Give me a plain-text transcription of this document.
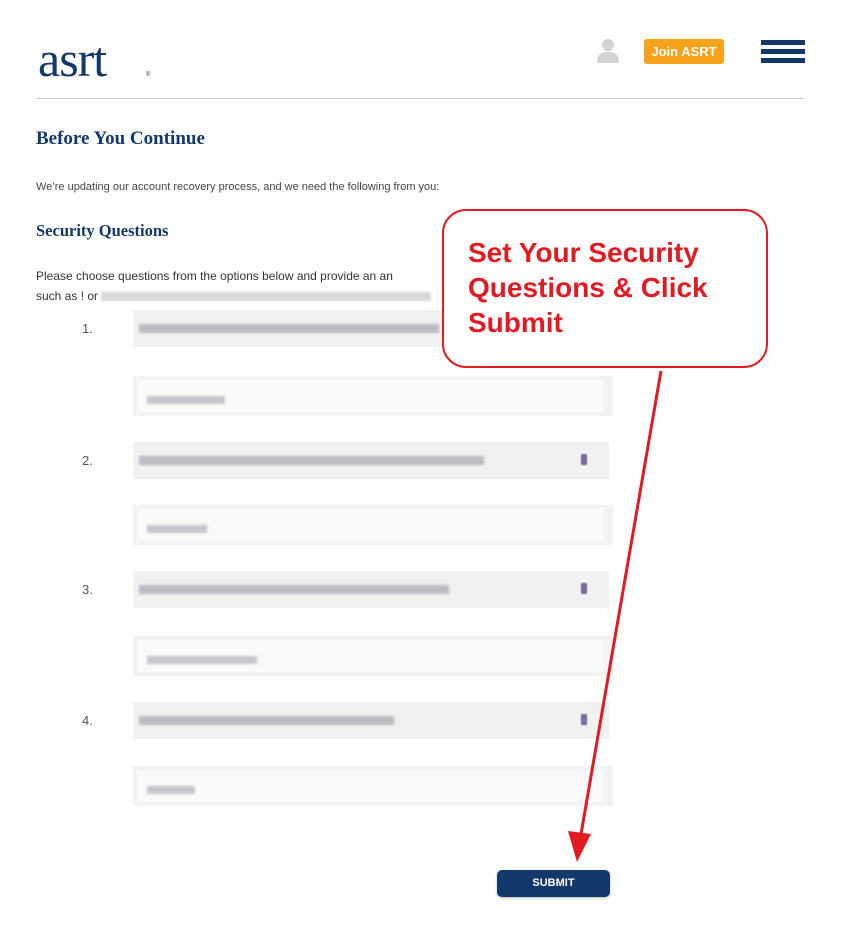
asrt	®
Join ASRT
Before You Continue

We’re updating our account recovery process, and we need the following from you:

Security Questions
Please choose questions from the options below and provide an an
such as ! or
1.
2.
3.
4.
SUBMIT
Set Your Security Questions & Click Submit
